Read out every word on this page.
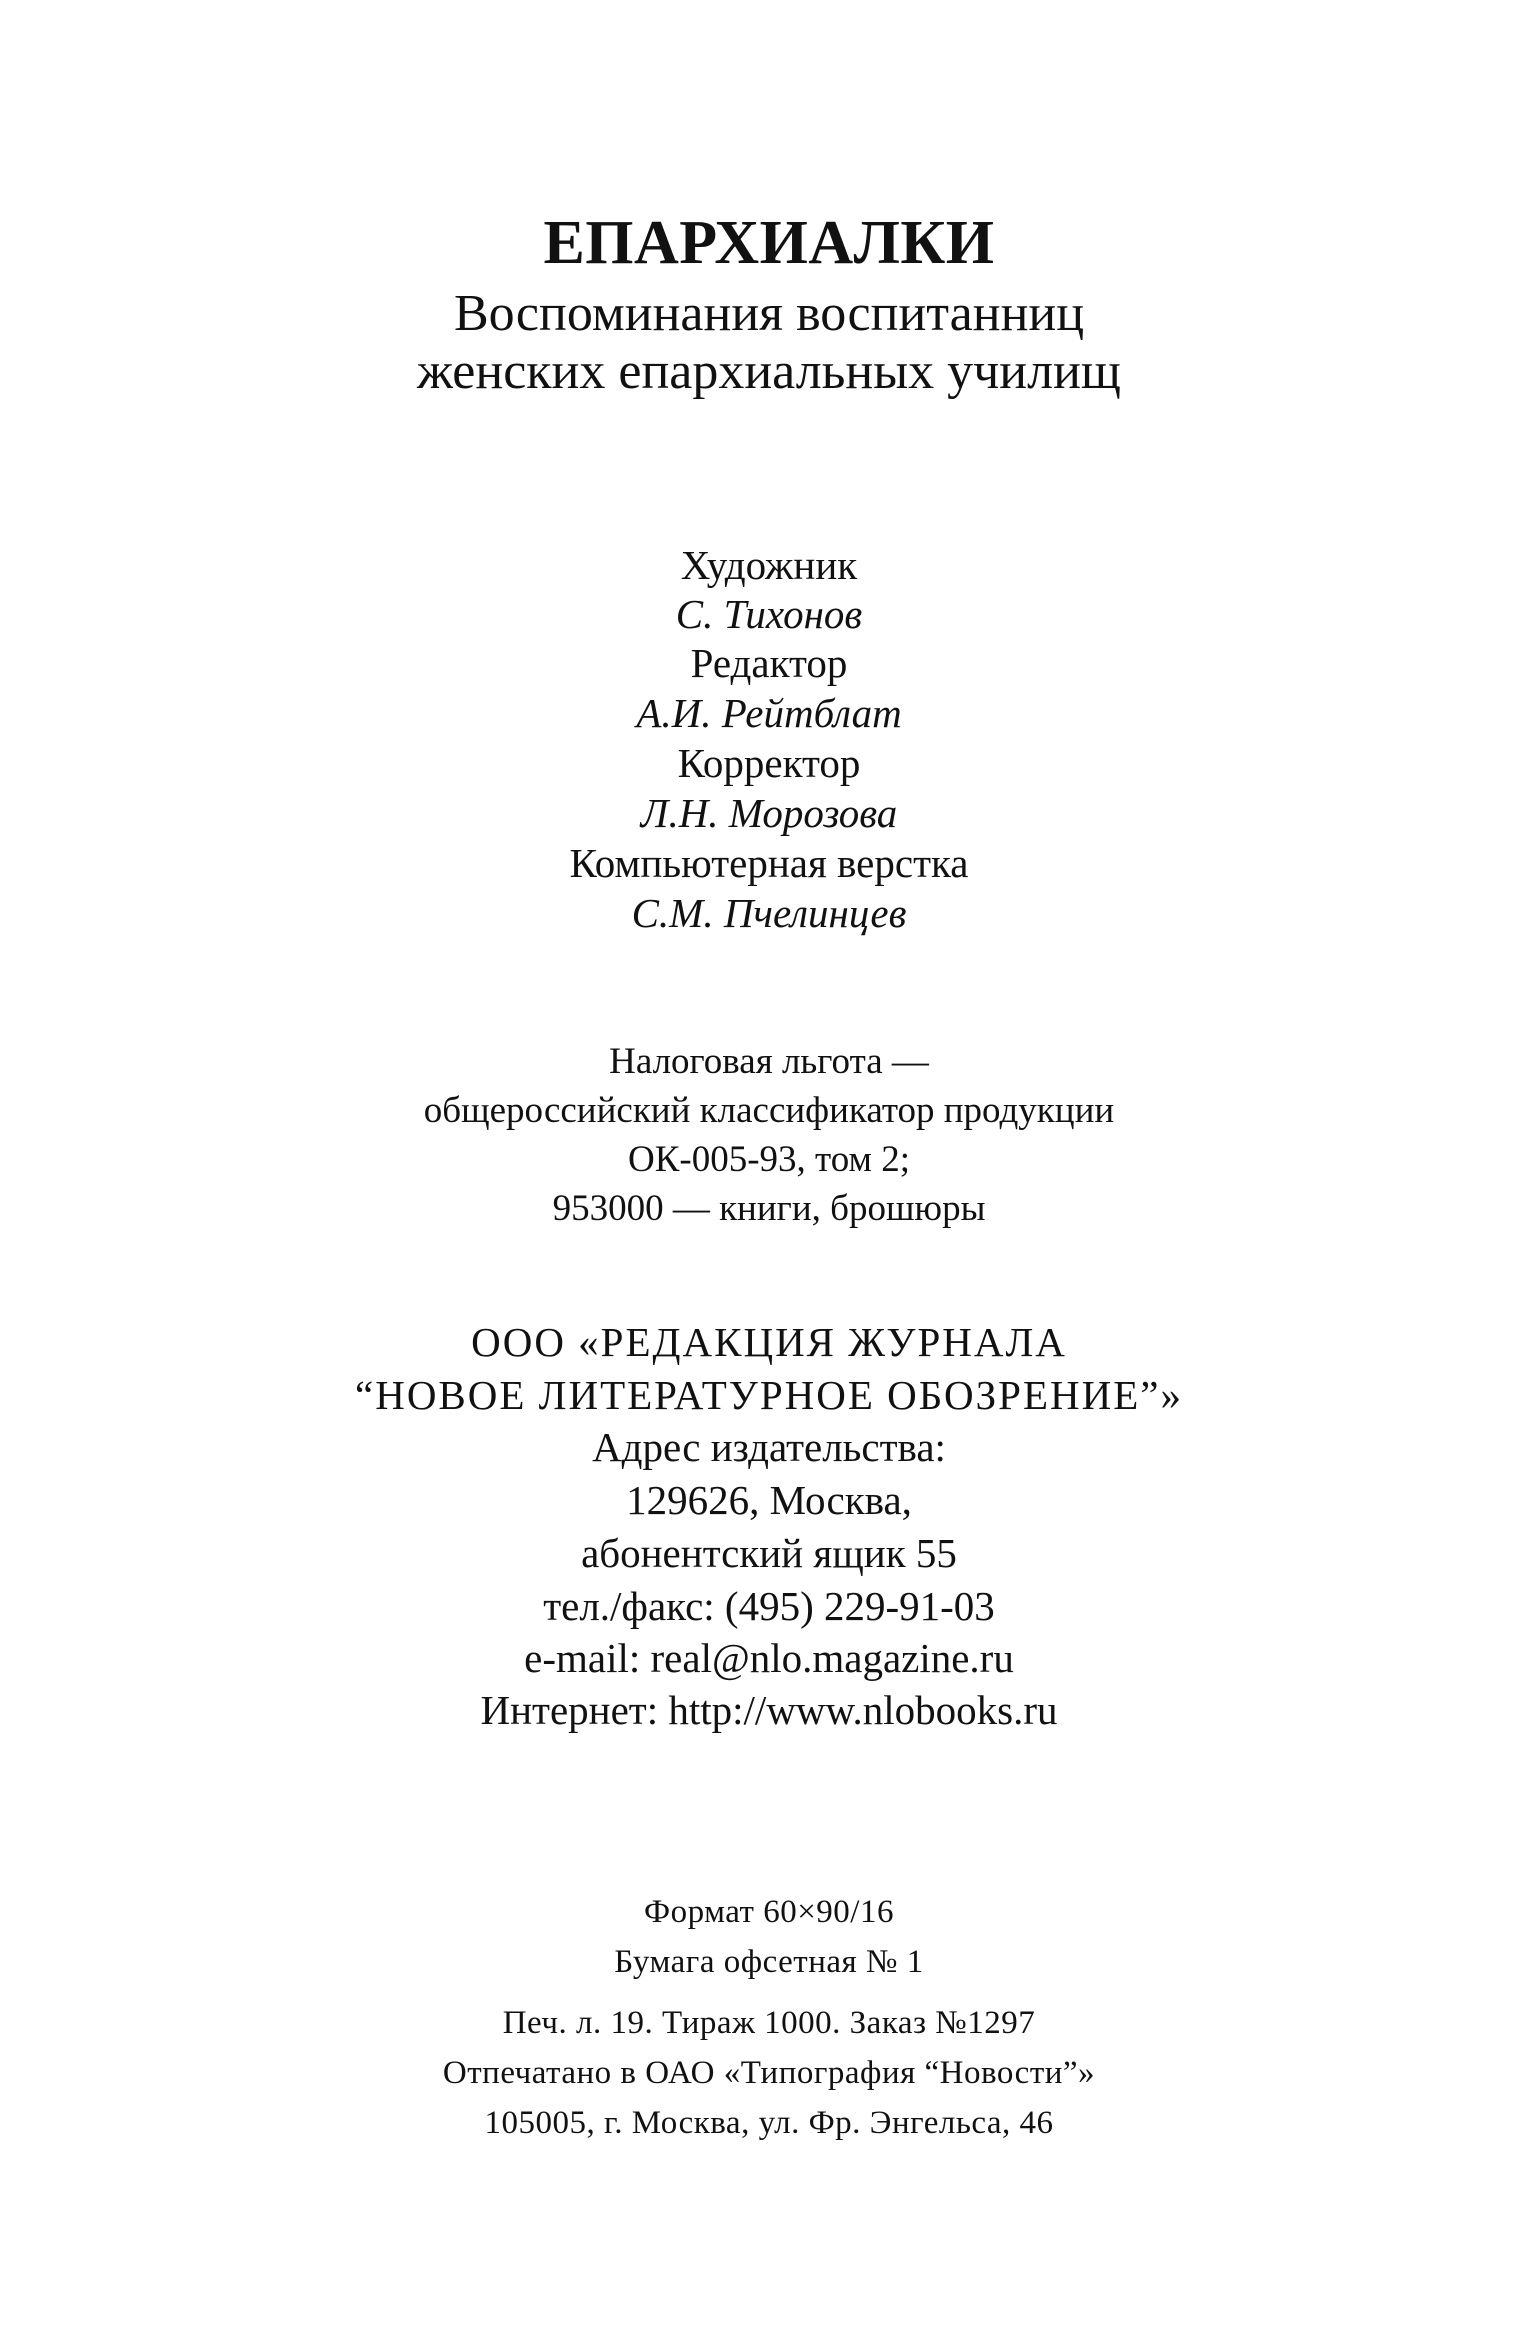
ЕПАРХИАЛКИ
Воспоминания воспитанниц
женских епархиальных училищ
Художник
С. Тихонов
Редактор
А.И. Рейтблат
Корректор
Л.Н. Морозова
Компьютерная верстка
С.М. Пчелинцев
Налоговая льгота —
общероссийский классификатор продукции
ОК-005-93, том 2;
953000 — книги, брошюры
ООО «РЕДАКЦИЯ ЖУРНАЛА
“НОВОЕ ЛИТЕРАТУРНОЕ ОБОЗРЕНИЕ”»
Адрес издательства:
129626, Москва,
абонентский ящик 55
тел./факс: (495) 229-91-03
e-mail: real@nlo.magazine.ru
Интернет: http://www.nlobooks.ru
Формат 60×90/16
Бумага офсетная № 1
Печ. л. 19. Тираж 1000. Заказ №1297
Отпечатано в ОАО «Типография “Новости”»
105005, г. Москва, ул. Фр. Энгельса, 46
